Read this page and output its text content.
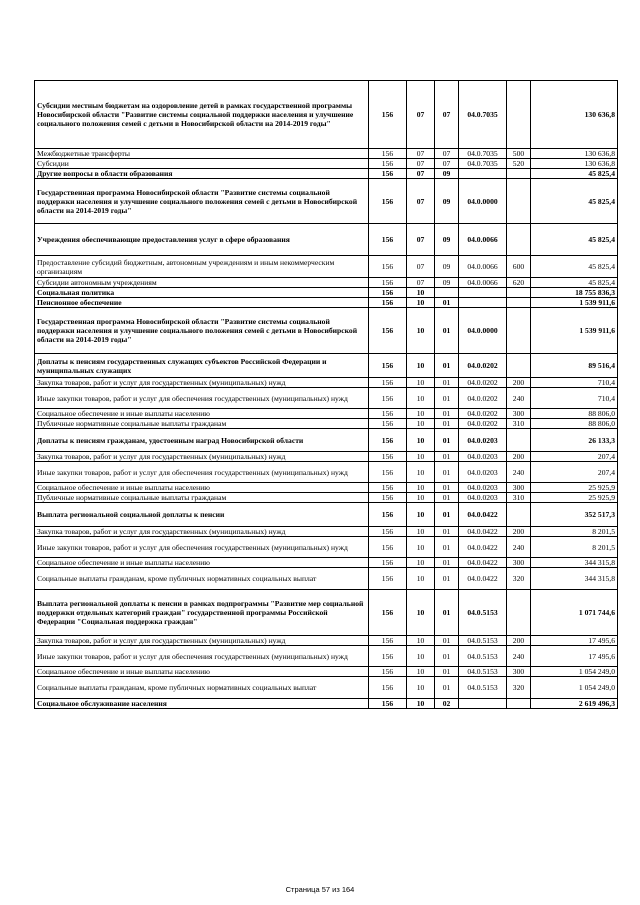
Субсидии местным бюджетам на оздоровление детей в рамках государственной программы Новосибирской области "Развитие системы социальной поддержки населения и улучшение социального положения семей с детьми в Новосибирской области на 2014-2019 годы"	156	07	07	04.0.7035		130 636,8
Межбюджетные трансферты	156	07	07	04.0.7035	500	130 636,8
Субсидии	156	07	07	04.0.7035	520	130 636,8
Другие вопросы в области образования	156	07	09			45 825,4
Государственная программа Новосибирской области "Развитие системы социальной поддержки населения и улучшение социального положения семей с детьми в Новосибирской области на 2014-2019 годы"	156	07	09	04.0.0000		45 825,4
Учреждения обеспечивающие предоставления услуг в сфере образования	156	07	09	04.0.0066		45 825,4
Предоставление субсидий бюджетным, автономным учреждениям и иным некоммерческим организациям	156	07	09	04.0.0066	600	45 825,4
Субсидии автономным учреждениям	156	07	09	04.0.0066	620	45 825,4
Социальная политика	156	10				18 755 836,3
Пенсионное обеспечение	156	10	01			1 539 911,6
Государственная программа Новосибирской области "Развитие системы социальной поддержки населения и улучшение социального положения семей с детьми в Новосибирской области на 2014-2019 годы"	156	10	01	04.0.0000		1 539 911,6
Доплаты к пенсиям государственных служащих субъектов Российской Федерации и муниципальных служащих	156	10	01	04.0.0202		89 516,4
Закупка товаров, работ и услуг для государственных (муниципальных) нужд	156	10	01	04.0.0202	200	710,4
Иные закупки товаров, работ и услуг для обеспечения государственных (муниципальных) нужд	156	10	01	04.0.0202	240	710,4
Социальное обеспечение и иные выплаты населению	156	10	01	04.0.0202	300	88 806,0
Публичные нормативные социальные выплаты гражданам	156	10	01	04.0.0202	310	88 806,0
Доплаты к пенсиям гражданам, удостоенным наград Новосибирской области	156	10	01	04.0.0203		26 133,3
Закупка товаров, работ и услуг для государственных (муниципальных) нужд	156	10	01	04.0.0203	200	207,4
Иные закупки товаров, работ и услуг для обеспечения государственных (муниципальных) нужд	156	10	01	04.0.0203	240	207,4
Социальное обеспечение и иные выплаты населению	156	10	01	04.0.0203	300	25 925,9
Публичные нормативные социальные выплаты гражданам	156	10	01	04.0.0203	310	25 925,9
Выплата региональной социальной доплаты к пенсии	156	10	01	04.0.0422		352 517,3
Закупка товаров, работ и услуг для государственных (муниципальных) нужд	156	10	01	04.0.0422	200	8 201,5
Иные закупки товаров, работ и услуг для обеспечения государственных (муниципальных) нужд	156	10	01	04.0.0422	240	8 201,5
Социальное обеспечение и иные выплаты населению	156	10	01	04.0.0422	300	344 315,8
Социальные выплаты гражданам, кроме публичных нормативных социальных выплат	156	10	01	04.0.0422	320	344 315,8
Выплата региональной доплаты к пенсии в рамках подпрограммы "Развитие мер социальной поддержки отдельных категорий граждан" государственной программы Российской Федерации "Социальная поддержка граждан"	156	10	01	04.0.5153		1 071 744,6
Закупка товаров, работ и услуг для государственных (муниципальных) нужд	156	10	01	04.0.5153	200	17 495,6
Иные закупки товаров, работ и услуг для обеспечения государственных (муниципальных) нужд	156	10	01	04.0.5153	240	17 495,6
Социальное обеспечение и иные выплаты населению	156	10	01	04.0.5153	300	1 054 249,0
Социальные выплаты гражданам, кроме публичных нормативных социальных выплат	156	10	01	04.0.5153	320	1 054 249,0
Социальное обслуживание населения	156	10	02			2 619 496,3
Страница 57 из 164
